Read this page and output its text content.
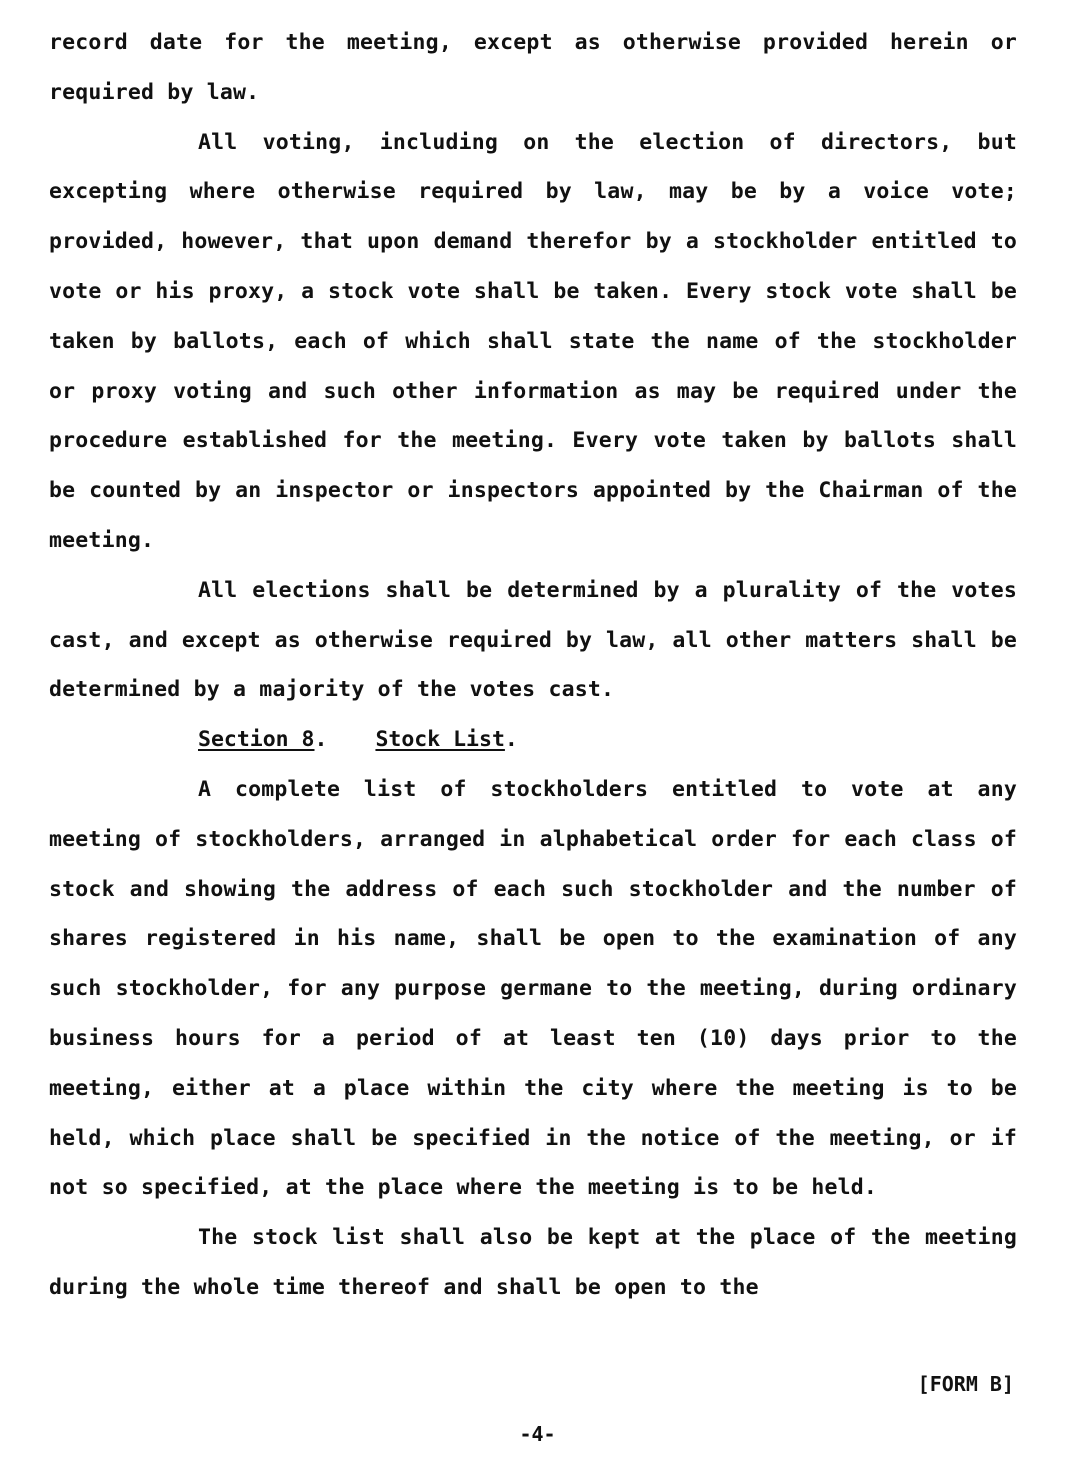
record date for the meeting, except as otherwise provided herein or required by law.

All voting, including on the election of directors, but excepting where otherwise required by law, may be by a voice vote; provided, however, that upon demand therefor by a stockholder entitled to vote or his proxy, a stock vote shall be taken. Every stock vote shall be taken by ballots, each of which shall state the name of the stockholder or proxy voting and such other information as may be required under the procedure established for the meeting. Every vote taken by ballots shall be counted by an inspector or inspectors appointed by the Chairman of the meeting.

All elections shall be determined by a plurality of the votes cast, and except as otherwise required by law, all other matters shall be determined by a majority of the votes cast.

Section 8. Stock List.

A complete list of stockholders entitled to vote at any meeting of stockholders, arranged in alphabetical order for each class of stock and showing the address of each such stockholder and the number of shares registered in his name, shall be open to the examination of any such stockholder, for any purpose germane to the meeting, during ordinary business hours for a period of at least ten (10) days prior to the meeting, either at a place within the city where the meeting is to be held, which place shall be specified in the notice of the meeting, or if not so specified, at the place where the meeting is to be held.

The stock list shall also be kept at the place of the meeting during the whole time thereof and shall be open to the

[FORM B]
-4-
